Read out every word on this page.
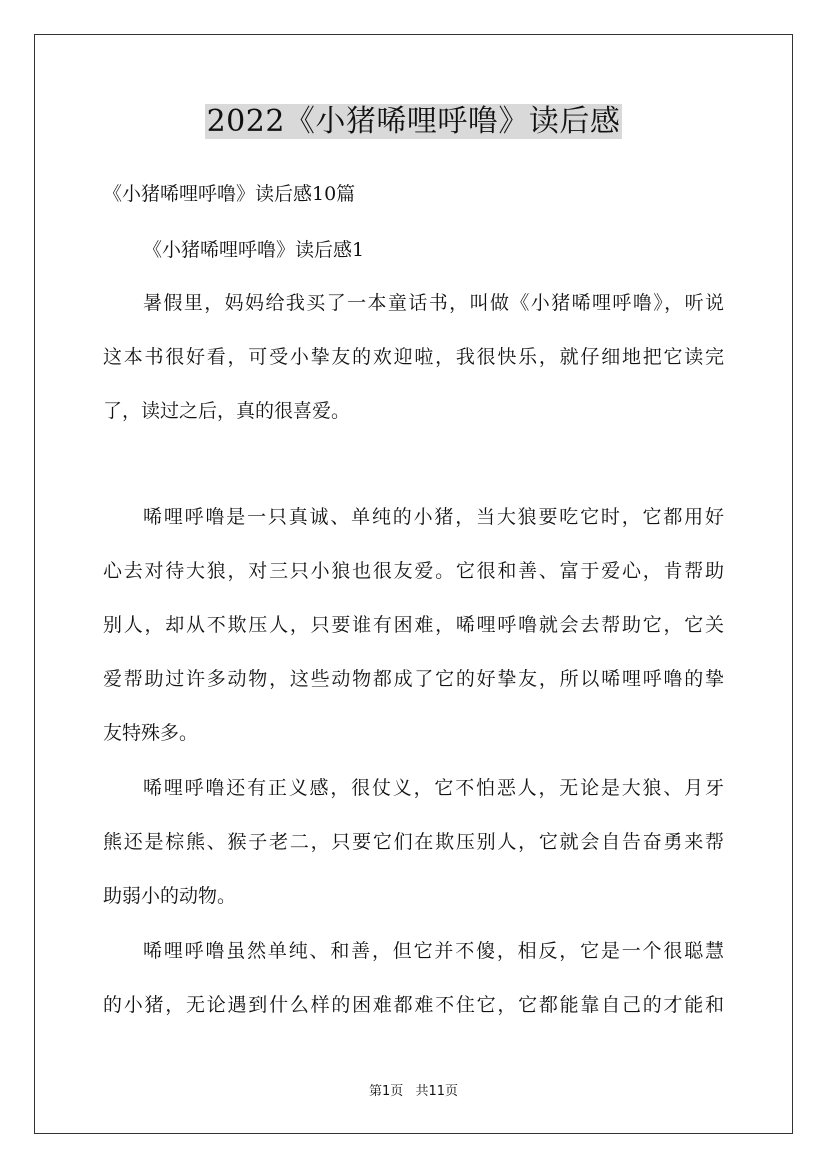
2022《小猪唏哩呼噜》读后感
《小猪唏哩呼噜》读后感10篇
《小猪唏哩呼噜》读后感1
暑假里，妈妈给我买了一本童话书，叫做《小猪唏哩呼噜》，听说
这本书很好看，可受小挚友的欢迎啦，我很快乐，就仔细地把它读完
了，读过之后，真的很喜爱。
唏哩呼噜是一只真诚、单纯的小猪，当大狼要吃它时，它都用好
心去对待大狼，对三只小狼也很友爱。它很和善、富于爱心，肯帮助
别人，却从不欺压人，只要谁有困难，唏哩呼噜就会去帮助它，它关
爱帮助过许多动物，这些动物都成了它的好挚友，所以唏哩呼噜的挚
友特殊多。
唏哩呼噜还有正义感，很仗义，它不怕恶人，无论是大狼、月牙
熊还是棕熊、猴子老二，只要它们在欺压别人，它就会自告奋勇来帮
助弱小的动物。
唏哩呼噜虽然单纯、和善，但它并不傻，相反，它是一个很聪慧
的小猪，无论遇到什么样的困难都难不住它，它都能靠自己的才能和
第1页 共11页
